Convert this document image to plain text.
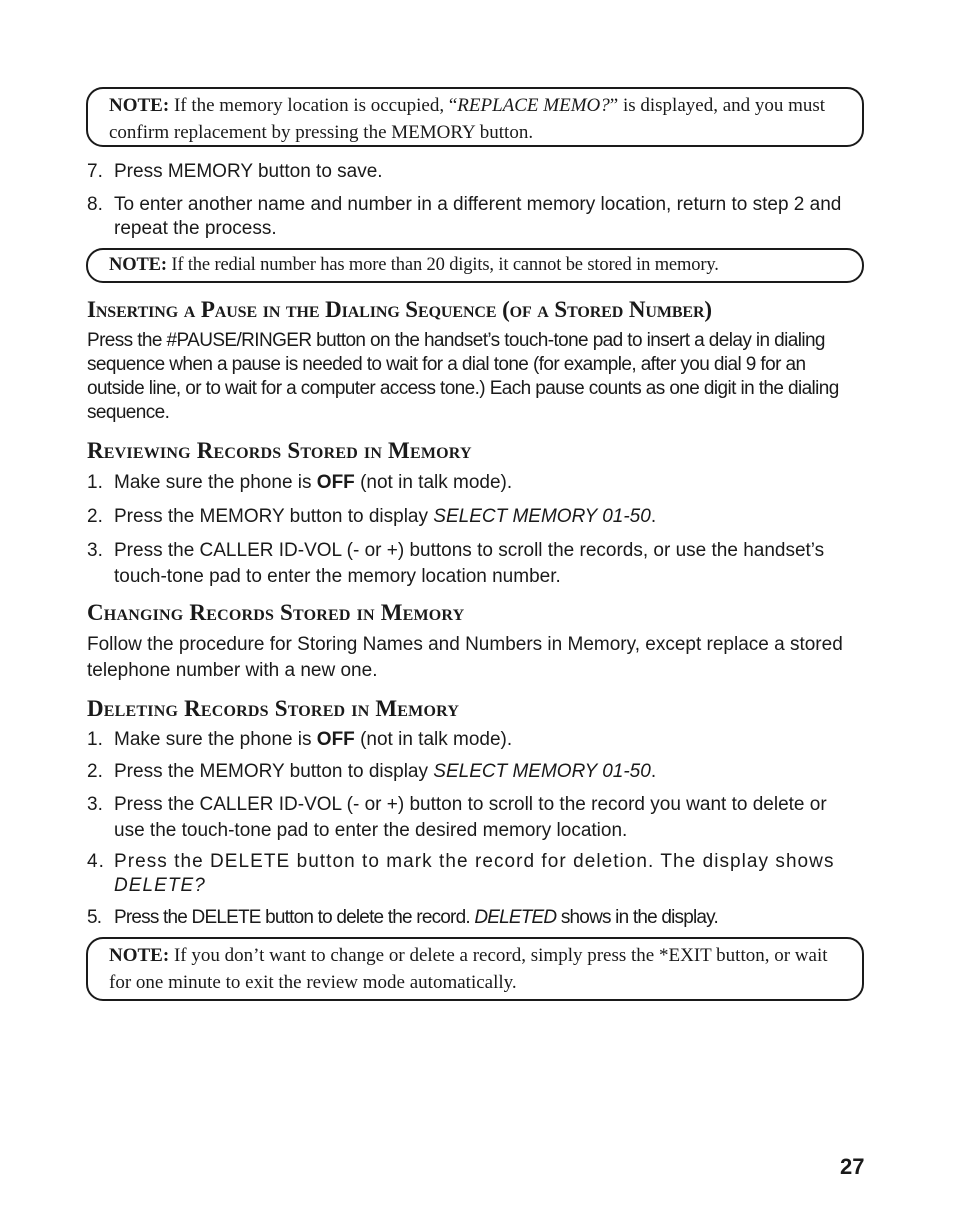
NOTE: If the memory location is occupied, “REPLACE MEMO?” is displayed, and you must confirm replacement by pressing the MEMORY button.
7. Press MEMORY button to save.
8. To enter another name and number in a different memory location, return to step 2 and repeat the process.
NOTE: If the redial number has more than 20 digits, it cannot be stored in memory.
Inserting a Pause in the Dialing Sequence (of a Stored Number)
Press the #PAUSE/RINGER button on the handset’s touch-tone pad to insert a delay in dialing sequence when a pause is needed to wait for a dial tone (for example, after you dial 9 for an outside line, or to wait for a computer access tone.) Each pause counts as one digit in the dialing sequence.
Reviewing Records Stored in Memory
1. Make sure the phone is OFF (not in talk mode).
2. Press the MEMORY button to display SELECT MEMORY 01-50.
3. Press the CALLER ID-VOL (- or +) buttons to scroll the records, or use the handset’s touch-tone pad to enter the memory location number.
Changing Records Stored in Memory
Follow the procedure for Storing Names and Numbers in Memory, except replace a stored telephone number with a new one.
Deleting Records Stored in Memory
1. Make sure the phone is OFF (not in talk mode).
2. Press the MEMORY button to display SELECT MEMORY 01-50.
3. Press the CALLER ID-VOL (- or +) button to scroll to the record you want to delete or use the touch-tone pad to enter the desired memory location.
4. Press the DELETE button to mark the record for deletion. The display shows DELETE?
5. Press the DELETE button to delete the record. DELETED shows in the display.
NOTE: If you don’t want to change or delete a record, simply press the *EXIT button, or wait for one minute to exit the review mode automatically.
27
